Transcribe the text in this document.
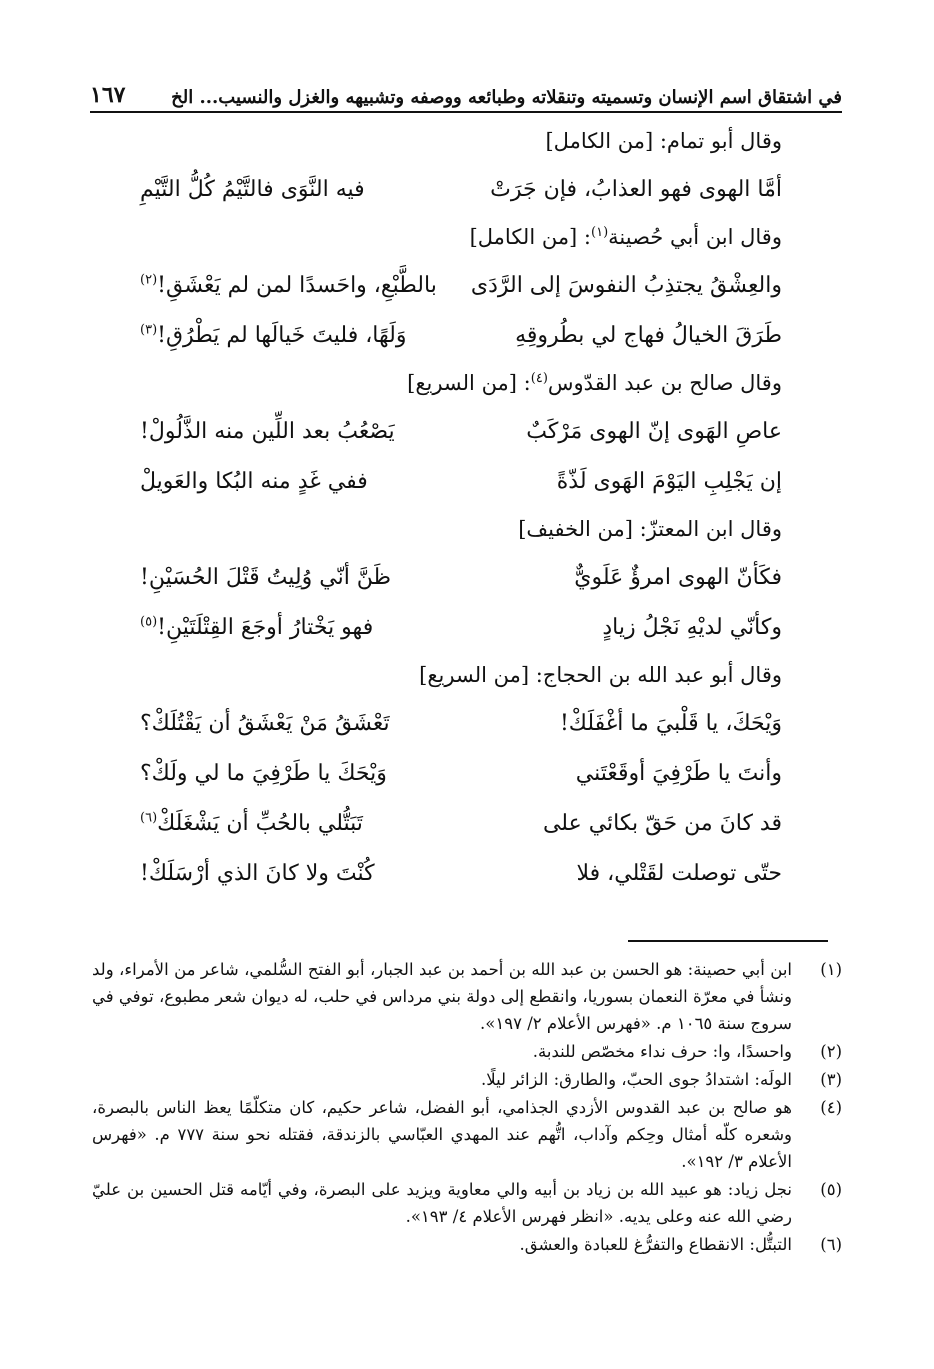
في اشتقاق اسم الإنسان وتسميته وتنقلاته وطبائعه ووصفه وتشبيهه والغزل والنسيب... الخ
١٦٧
وقال أبو تمام: [من الكامل]
أمَّا الهوى فهو العذابُ، فإن جَرَتْ
فيه النَّوَى فالتَّيْمُ كُلُّ التَّيْمِ
وقال ابن أبي حُصينة$^{(١)}$: [من الكامل]
والعِشْقُ يجتذِبُ النفوسَ إلى الرَّدَى
بالطَّبْعِ، واحَسدًا لمن لم يَعْشَقِ!$^{(٢)}$
طَرَقَ الخيالُ فهاج لي بطُروقِهِ
وَلَهًا، فليتَ خَيالَها لم يَطْرُقِ!$^{(٣)}$
وقال صالح بن عبد القدّوس$^{(٤)}$: [من السريع]
عاصِ الهَوى إنّ الهوى مَرْكَبٌ
يَصْعُبُ بعد اللِّين منه الذَّلُولْ!
إن يَجْلِبِ اليَوْمَ الهَوى لَذّةً
ففي غَدٍ منه البُكا والعَويلْ
وقال ابن المعتزّ: [من الخفيف]
فكَأنّ الهوى امرؤٌ عَلَويٌّ
ظَنَّ أنّي وُلِيتُ قَتْلَ الحُسَيْنِ!
وكأنّي لديْهِ نَجْلُ زيادٍ
فهو يَخْتارُ أوجَعَ القِتْلَتَيْنِ!$^{(٥)}$
وقال أبو عبد الله بن الحجاج: [من السريع]
وَيْحَكَ، يا قَلْبيَ ما أغْفَلَكْ!
تَعْشَقُ مَنْ يَعْشَقُ أن يَقْتُلَكْ؟
وأنتَ يا طَرْفِيَ أوقَعْتَني
وَيْحَكَ يا طَرْفِيَ ما لي ولَكْ؟
قد كانَ من حَقّ بكائي على
تَبَتُّلي بالحُبِّ أن يَشْغَلَكْ$^{(٦)}$
حتّى توصلت لقَتْلي، فلا
كُنْتَ ولا كانَ الذي أرْسَلَكْ!
(١)
ابن أبي حصينة: هو الحسن بن عبد الله بن أحمد بن عبد الجبار، أبو الفتح السُّلمي، شاعر من الأمراء، ولد ونشأ في معرّة النعمان بسوريا، وانقطع إلى دولة بني مرداس في حلب، له ديوان شعر مطبوع، توفي في سروج سنة ١٠٦٥ م. «فهرس الأعلام ٢/ ١٩٧».
(٢)
واحسدًا، وا: حرف نداء مخصّص للندبة.
(٣)
الولَه: اشتدادُ جوى الحبّ، والطارق: الزائر ليلًا.
(٤)
هو صالح بن عبد القدوس الأزدي الجذامي، أبو الفضل، شاعر حكيم، كان متكلّمًا يعظ الناس بالبصرة، وشعره كلّه أمثال وحِكم وآداب، اتُّهم عند المهدي العبّاسي بالزندقة، فقتله نحو سنة ٧٧٧ م. «فهرس الأعلام ٣/ ١٩٢».
(٥)
نجل زياد: هو عبيد الله بن زياد بن أبيه والي معاوية ويزيد على البصرة، وفي أيّامه قتل الحسين بن عليّ رضي الله عنه وعلى يديه. «انظر فهرس الأعلام ٤/ ١٩٣».
(٦)
التبتُّل: الانقطاع والتفرُّغ للعبادة والعشق.
